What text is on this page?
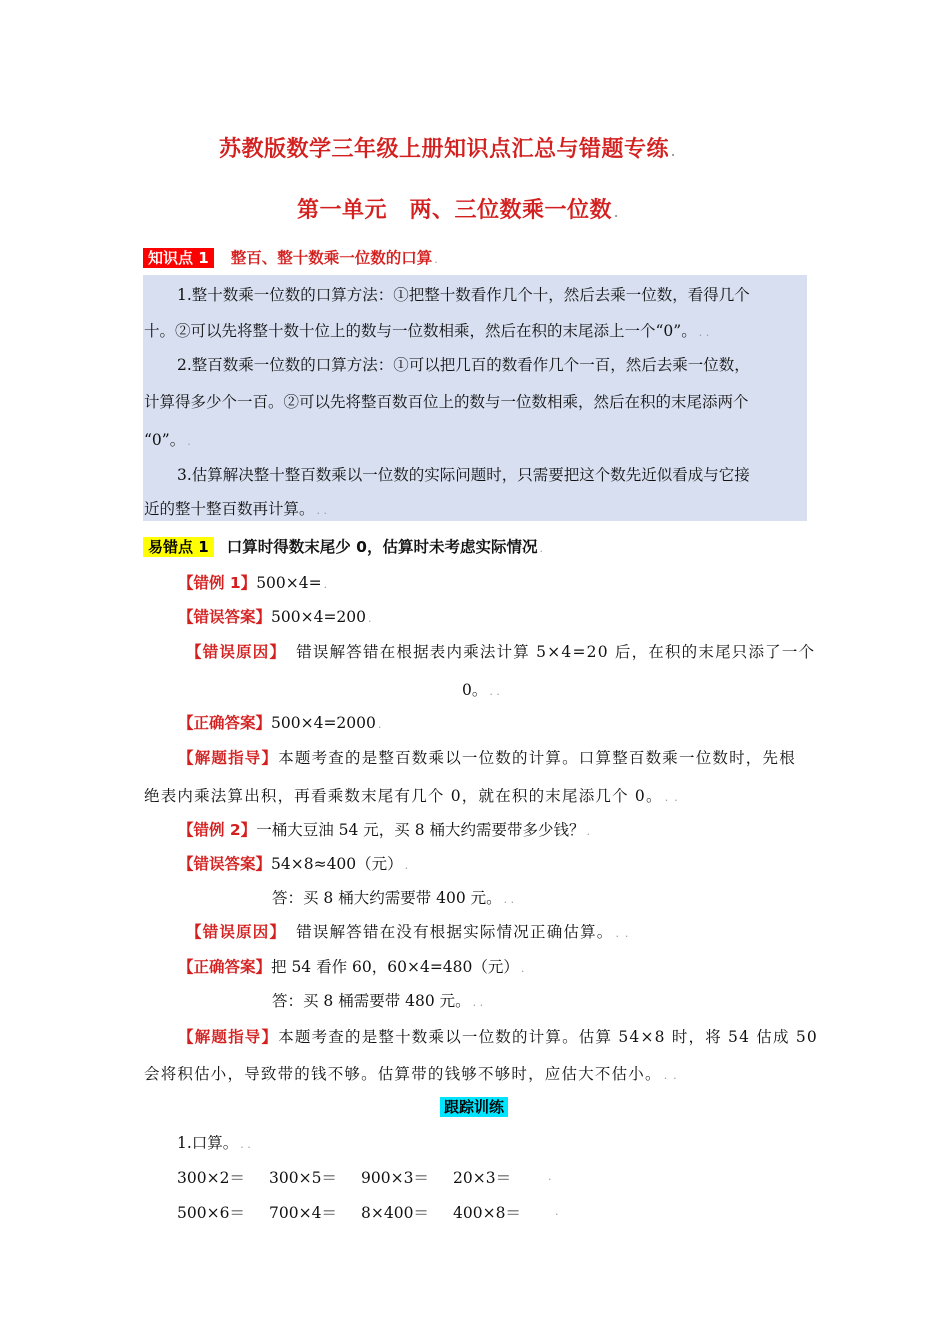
苏教版数学三年级上册知识点汇总与错题专练 .
第一单元　两、三位数乘一位数 .
知识点 1 整百、整十数乘一位数的口算 .
1.整十数乘一位数的口算方法：①把整十数看作几个十，然后去乘一位数，看得几个
十。②可以先将整十数十位上的数与一位数相乘，然后在积的末尾添上一个“0”。 . .
2.整百数乘一位数的口算方法：①可以把几百的数看作几个一百，然后去乘一位数，
计算得多少个一百。②可以先将整百数百位上的数与一位数相乘，然后在积的末尾添两个
“0”。 .
3.估算解决整十整百数乘以一位数的实际问题时，只需要把这个数先近似看成与它接
近的整十整百数再计算。 . .
易错点 1 口算时得数末尾少 0，估算时未考虑实际情况 .
【错例 1】500×4= .
【错误答案】500×4=200 .
【错误原因】 错误解答错在根据表内乘法计算 5×4=20 后，在积的末尾只添了一个
0。 . .
【正确答案】500×4=2000 .
【解题指导】本题考查的是整百数乘以一位数的计算。口算整百数乘一位数时，先根
绝表内乘法算出积，再看乘数末尾有几个 0，就在积的末尾添几个 0。 . .
【错例 2】一桶大豆油 54 元，买 8 桶大约需要带多少钱？ .
【错误答案】54×8≈400（元） .
答：买 8 桶大约需要带 400 元。 . .
【错误原因】 错误解答错在没有根据实际情况正确估算。 . .
【正确答案】把 54 看作 60，60×4=480（元） .
答：买 8 桶需要带 480 元。 . .
【解题指导】本题考查的是整十数乘以一位数的计算。估算 54×8 时，将 54 估成 50
会将积估小，导致带的钱不够。估算带的钱够不够时，应估大不估小。 . .
跟踪训练
1.口算。 . .
300×2＝ 300×5＝ 900×3＝ 20×3＝	.
500×6＝ 700×4＝ 8×400＝ 400×8＝	.
